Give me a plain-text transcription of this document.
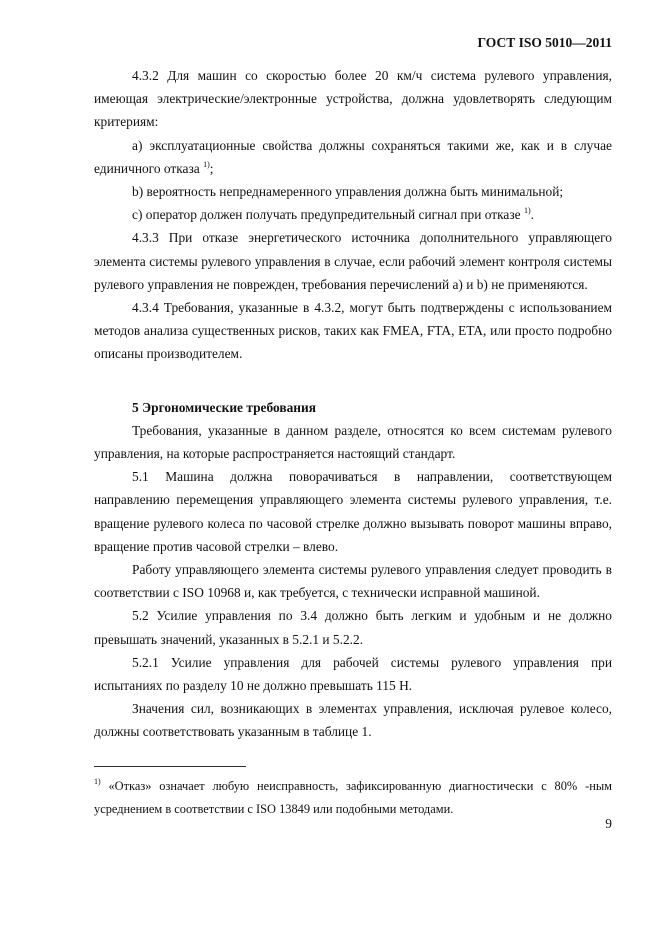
ГОСТ ISO 5010—2011

4.3.2 Для машин со скоростью более 20 км/ч система рулевого управления, имеющая электрические/электронные устройства, должна удовлетворять следующим критериям:

а) эксплуатационные свойства должны сохраняться такими же, как и в случае единичного отказа $^{1)}$;

b) вероятность непреднамеренного управления должна быть минимальной;

с) оператор должен получать предупредительный сигнал при отказе $^{1)}$.

4.3.3 При отказе энергетического источника дополнительного управляющего элемента системы рулевого управления в случае, если рабочий элемент контроля системы рулевого управления не поврежден, требования перечислений а) и b) не применяются.

4.3.4 Требования, указанные в 4.3.2, могут быть подтверждены с использованием методов анализа существенных рисков, таких как FMEA, FTA, ETA, или просто подробно описаны производителем.

5 Эргономические требования

Требования, указанные в данном разделе, относятся ко всем системам рулевого управления, на которые распространяется настоящий стандарт.

5.1 Машина должна поворачиваться в направлении, соответствующем направлению перемещения управляющего элемента системы рулевого управления, т.е. вращение рулевого колеса по часовой стрелке должно вызывать поворот машины вправо, вращение против часовой стрелки – влево.

Работу управляющего элемента системы рулевого управления следует проводить в соответствии с ISO 10968 и, как требуется, с технически исправной машиной.

5.2 Усилие управления по 3.4 должно быть легким и удобным и не должно превышать значений, указанных в 5.2.1 и 5.2.2.

5.2.1 Усилие управления для рабочей системы рулевого управления при испытаниях по разделу 10 не должно превышать 115 Н.

Значения сил, возникающих в элементах управления, исключая рулевое колесо, должны соответствовать указанным в таблице 1.

$^{1)}$ «Отказ» означает любую неисправность, зафиксированную диагностически с 80% -ным усреднением в соответствии с ISO 13849 или подобными методами.
9
